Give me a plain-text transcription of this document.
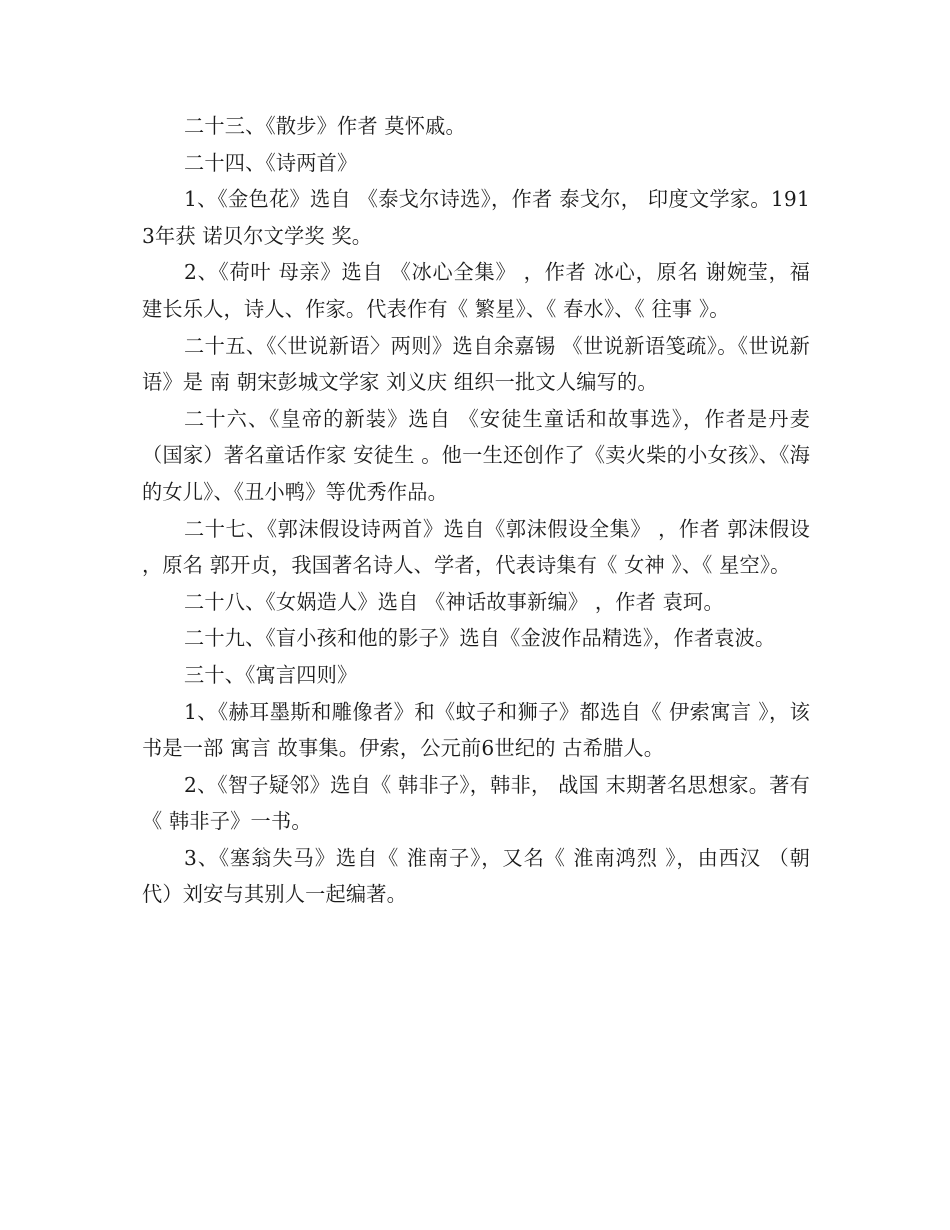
二十三、《散步》作者 莫怀戚。

二十四、《诗两首》

1、《金色花》选自 《泰戈尔诗选》，作者 泰戈尔， 印度文学家。1913年获 诺贝尔文学奖 奖。

2、《荷叶 母亲》选自 《冰心全集》 ，作者 冰心，原名 谢婉莹，福建长乐人，诗人、作家。代表作有《 繁星》、《 春水》、《 往事 》。

二十五、《〈世说新语〉两则》选自余嘉锡 《世说新语笺疏》。《世说新语》是 南 朝宋彭城文学家 刘义庆 组织一批文人编写的。

二十六、《皇帝的新装》选自 《安徒生童话和故事选》，作者是丹麦（国家）著名童话作家 安徒生 。他一生还创作了《卖火柴的小女孩》、《海的女儿》、《丑小鸭》等优秀作品。

二十七、《郭沫假设诗两首》选自《郭沫假设全集》 ，作者 郭沫假设 ，原名 郭开贞，我国著名诗人、学者，代表诗集有《 女神 》、《 星空》。

二十八、《女娲造人》选自 《神话故事新编》 ，作者 袁珂。

二十九、《盲小孩和他的影子》选自《金波作品精选》，作者袁波。

三十、《寓言四则》

1、《赫耳墨斯和雕像者》和《蚊子和狮子》都选自《 伊索寓言 》，该书是一部 寓言 故事集。伊索，公元前6世纪的 古希腊人。

2、《智子疑邻》选自《 韩非子》，韩非， 战国 末期著名思想家。著有《 韩非子》一书。

3、《塞翁失马》选自《 淮南子》，又名《 淮南鸿烈 》，由西汉 （朝代）刘安与其别人一起编著。
